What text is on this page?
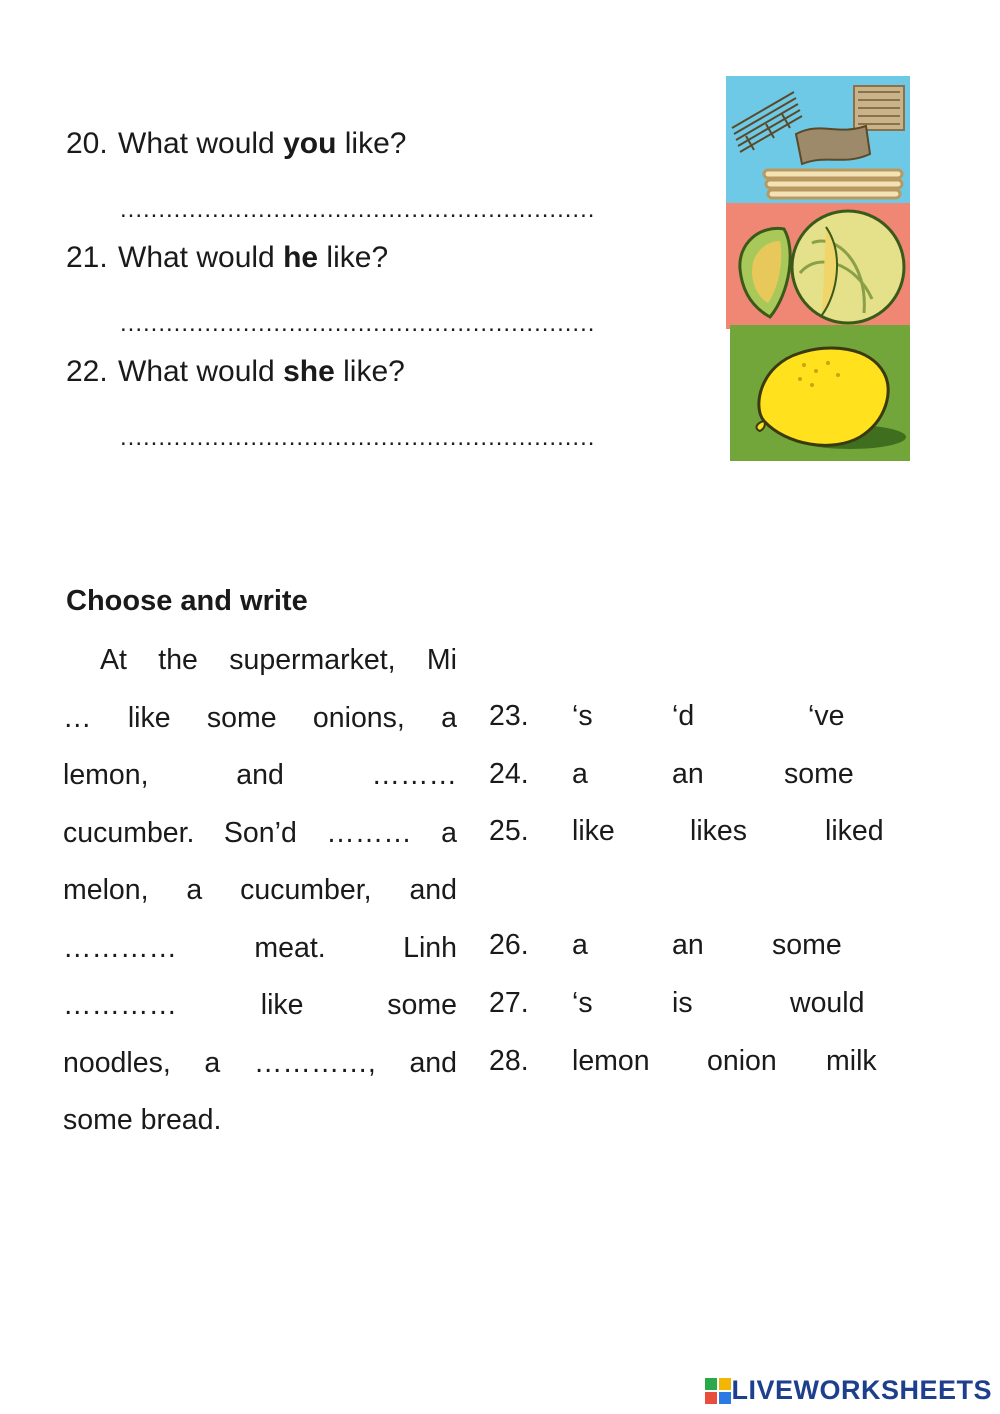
20. What would you like?
..............................................................
21. What would he like?
..............................................................
22. What would she like?
..............................................................
Choose and write
At the supermarket, Mi
… like some onions, a
lemon, and ………
cucumber. Son’d ……… a
melon, a cucumber, and
………… meat. Linh
………… like some
noodles, a …………, and
some bread.
23.	‘s	‘d	‘ve
24.	a	an	some
25.	like	likes	liked
26.	a	an	some
27.	‘s	is	would
28.	lemon	onion	milk
LIVEWORKSHEETS
